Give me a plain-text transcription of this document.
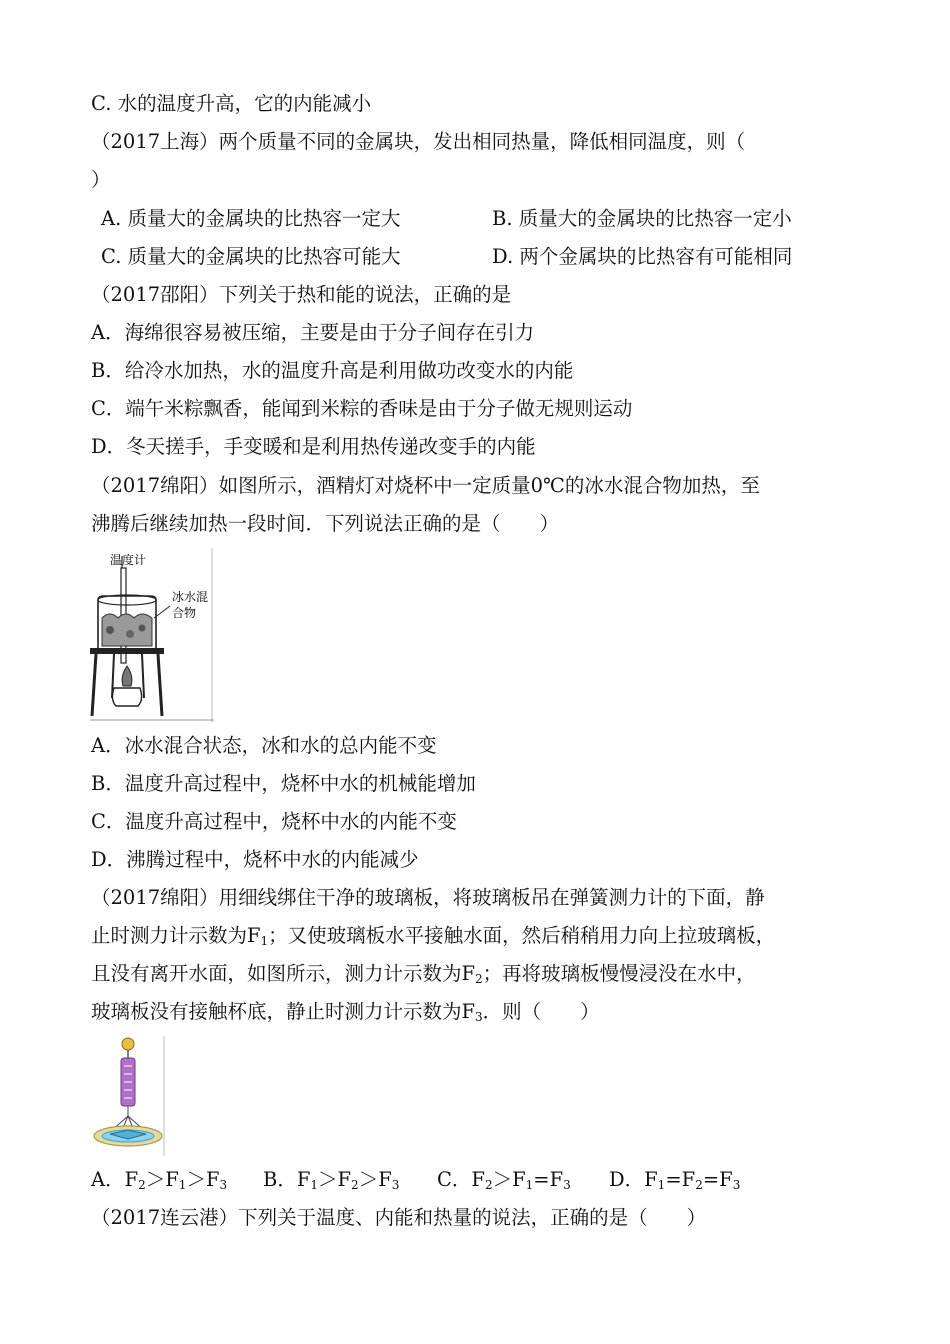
C. 水的温度升高，它的内能减小
（2017上海）两个质量不同的金属块，发出相同热量，降低相同温度，则（
）
A. 质量大的金属块的比热容一定大	B. 质量大的金属块的比热容一定小
C. 质量大的金属块的比热容可能大	D. 两个金属块的比热容有可能相同
（2017邵阳）下列关于热和能的说法，正确的是
A．海绵很容易被压缩，主要是由于分子间存在引力
B．给冷水加热，水的温度升高是利用做功改变水的内能
C．端午米粽飘香，能闻到米粽的香味是由于分子做无规则运动
D．冬天搓手，手变暖和是利用热传递改变手的内能
（2017绵阳）如图所示，酒精灯对烧杯中一定质量0℃的冰水混合物加热，至
沸腾后继续加热一段时间．下列说法正确的是（　　）
温度计
冰水混
合物
A．冰水混合状态，冰和水的总内能不变
B．温度升高过程中，烧杯中水的机械能增加
C．温度升高过程中，烧杯中水的内能不变
D．沸腾过程中，烧杯中水的内能减少
（2017绵阳）用细线绑住干净的玻璃板，将玻璃板吊在弹簧测力计的下面，静
止时测力计示数为$F_1$；又使玻璃板水平接触水面，然后稍稍用力向上拉玻璃板，
且没有离开水面，如图所示，测力计示数为$F_2$；再将玻璃板慢慢浸没在水中，
玻璃板没有接触杯底，静止时测力计示数为$F_3$．则（　　）
A．$F_2>F_1>F_3$ B．$F_1>F_2>F_3$ C．$F_2>F_1=F_3$ D．$F_1=F_2=F_3$
（2017连云港）下列关于温度、内能和热量的说法，正确的是（　　）
